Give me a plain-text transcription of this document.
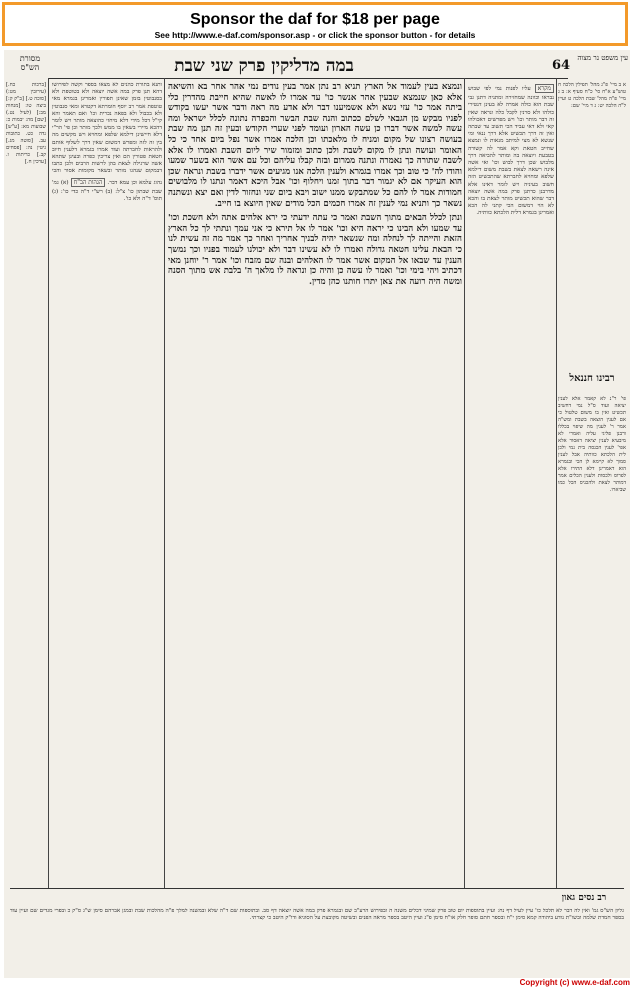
Sponsor the daf for $18 per page
See http://www.e-daf.com/sponsor.asp - or click the sponsor button - for details
64
במה מדליקין פרק שני שבת	עין משפט נר מצוה
מסורת הש"ס
א ב מיי' פ"ג מהל' תפילין הלכה ח טוש"ע א"ח סי' כ"ח סעיף א: ב ג מיי' פ"ה מהל' שבת הלכה ט ועיין ל"ה הלכה יט: ג ד מיי' שם:
רבינו חננאל
פי' ר"נ לא קאמר אלא לענין יציאה ועוד ס"ל נמי דחשיב תכשיט ואין בו משום טלטול כי אם לענין הוצאה בשבת ומש"ה אמר ר' לענין מה שיפוי בכללו ורבנן פליגי עליה ואמרי לא מיבעיא לענין יציאה דאסור אלא אפי' לענין הכנסה בית נמי ולכן לית הלכתא כוותיה אבל לענין סמוך לא קיימא לן הכי ובגמרא הוא דאמרינן דלא התירו אלא לפרוס ולכסות ולענין הכלים אמר דמותר לצאת ולהכניס הכל כמו שביארו.
מקרא עליו לפנות נמי לפי שבוש נבראו וכוונה שמחזירה ומתניה דתנן גבי שבת הוא כולה אמרה לא בעינן דנטירי כולהו ולא סרנין לקבל כלה ונראה שאין זה דבר מותר וכו' ויש מפרשים דאכולהו קאי ולא דאי עביד הכי תשוב עד שבתה ואין זה דרך תכשיט אלא דרך ננאי ומי שנשא לא מצי למיתב מנאות לו ונמצא שחייב חטאת וקא אמר לה קשורה בטבעת ויוצאה בה ומותר להביאה דרך מלבוש שכן דרך לבוש וכו' ואי אשה אינה רשאה לצאת בשבת משום דילמא שלפא ומחויא לחברתא שהתכשיט הזה חשוב בעיניה ויש לומר דאינו אלא מדרבנן כדתנן פרק במה אשה יוצאה דבר שהוא תכשיט מותר לצאת בו והכא לא הוי דמשום הכי קתני לה הכא ואמרינן בגמרא דלית הלכתא כוותיה.
ונמצא בעין לעמוד אל הארץ תניא רב נתן אמר בעין נודים נמי אהר אחר בא והשיאה אלא כאן שנמצא שבעין אהר אנשר כו' עד אמרו לו לאשה שהיא חייבת מהדרין כלי ביתה אמר כו' עזי נשא ולא אשמיענו דבר ולא אדע מה ראה ודבר אשר יעשו בקודש לפניו מבקש מן הגבאי לשלם ככתוב והנה שבת הבשר והכפרה נתונה לכלל ישראל ומה עשה למשה אשר דברו כן עשה הארון ועומד לפני שערי הקודש ובעין זה תנן מה שבת בעושה רצונו של מקום ומניח לו מלאכתו וכן הלכה אמרו אשר נפל ביום אחד כי כל האומר ועושה ונתן לו מקום לשבת ולכן כתוב ומזמור שיר ליום השבת ואמרו לו אלא לשבח שתורה כך נאמרה ונתנה ממרום ובזה קבלו עליהם וכל עם אשר הוא בשער שמעו והודו לה' כי טוב וכך אמרו בגמרא ולענין הלכה אנו מגיעים אשר ידברו בשבת ונראה שכן הוא העיקר אם לא יגמור דבר בתוך זמנו ויחלוף וכו' אבל היכא דאמר ונתנו לו מלבושים חמודות אמר לו להם כל שמתבקש ממנו ישוב ויבא ביום שני ונחזור לדין ואם יצא ונשתנה נשאר כך ותניא נמי לענין זה אמרו חכמים הכל מודים שאין היוצא בו חייב.
ונתן לכלל הבאים מתוך השבת ואמר כי עתה ידעתי כי ירא אלהים אתה ולא חשכת וכו' עד שמעו ולא הבינו כי יראה היא וכו' אמר לו אל תירא כי אני עמך ונתתי לך כל הארץ הזאת והייתה לך לנחלה ומה שנשאר יהיה לבניך אחריך ואחר כך אמר מה זה עשית לנו כי הבאת עלינו חטאה גדולה ואמרו לו לא עשינו דבר ולא יכולנו לעמוד בפניו וכך נמשך הענין עד שבאו אל המקום אשר אמר לו האלהים ובנה שם מזבח וכו' אמר ר' יוחנן מאי דכתיב ויהי בימי וכו' ואמר לו עשה כן והיה כן ונראה לו מלאך ה' בלבת אש מתוך הסנה ומשה היה רועה את צאן יתרו חותנו כהן מדין.
ותנא בתורת כהנים לא מצאו בספר וקשה לפירושו דהא תנן פרק במה אשה יוצאה ולא בטוטפת ולא בסנבוטין בזמן שאינן תפורין ואמרינן בגמרא מאי טוטפת אמר רב יוסף חומרתא דקטרא ומאי סנבוטין ולא בכבול ולא בפאה נכרית וכו' ואם תאמר והא קי"ל דכל מידי דלא מיחזי כהוצאה מותר ויש לומר דהכא מיירי בשאין בו ממש ולכך מותר וכן פי' הר"י דלא חיישינן דילמא שלפא ומחויא ויש מקשים מה בין זה לזה ומפרש דמשום שאין דרך לשלוף אותם ולהראות לחברתה ועוד אמרו בגמרא דלענין חיוב חטאת פטורין הם ואין צריכין כפרה ובעינן שתהא אשה שרגילה לצאת בהן לרשות הרבים ולכן כתבו דבמקום שנהגו מותר ובשאר מקומות אסור והכי נהוג עלמא וכן עמא דבר. הגהות הב"ח (א) גמ' שבת שבתון כו' צ"ל: (ב) רש"י ד"ה כדי כו': (ג) תוס' ד"ה ולא כו'.
[ברכות כח.] (עירובין מט:) [סוכה ט.] [ב"ק ק:] ביצה טו: [מנחות מב:] (לעיל נט.) [שם] מה: יבמות כ: שבועות מא: [ע"ש] נדה כט. כתובות עב. [סוטה מג.] גיטין נה: [פסחים קב.] כריתות ו. [ערכין ח.]
רב נסים גאון
גליון הש"ס גמ' ואין לה דבר לא תלכל כו' עיין לעיל דף נח: ועיין בתוספות יום טוב פרק שמיני דכלים משנה ה ובפירוש הרע"ב שם ובגמרא פרק במה אשה יוצאה דף סב. ובתוספות שם ד"ה שלא ובמשנה למלך פ"ה מהלכות שבת ובמגן אברהם סימן ש"ג ס"ק כ ובפרי מגדים שם ועיין עוד בספר חמדת שלמה ובשו"ת נודע ביהודה קמא סימן י"ח ובספר חתם סופר חלק או"ח סימן פ"ג ועיין היטב בספר מראה הפנים ובשיטה מקובצת על הסוגיא ודו"ק היטב כי קצרתי.
Copyright (c) www.e-daf.com
